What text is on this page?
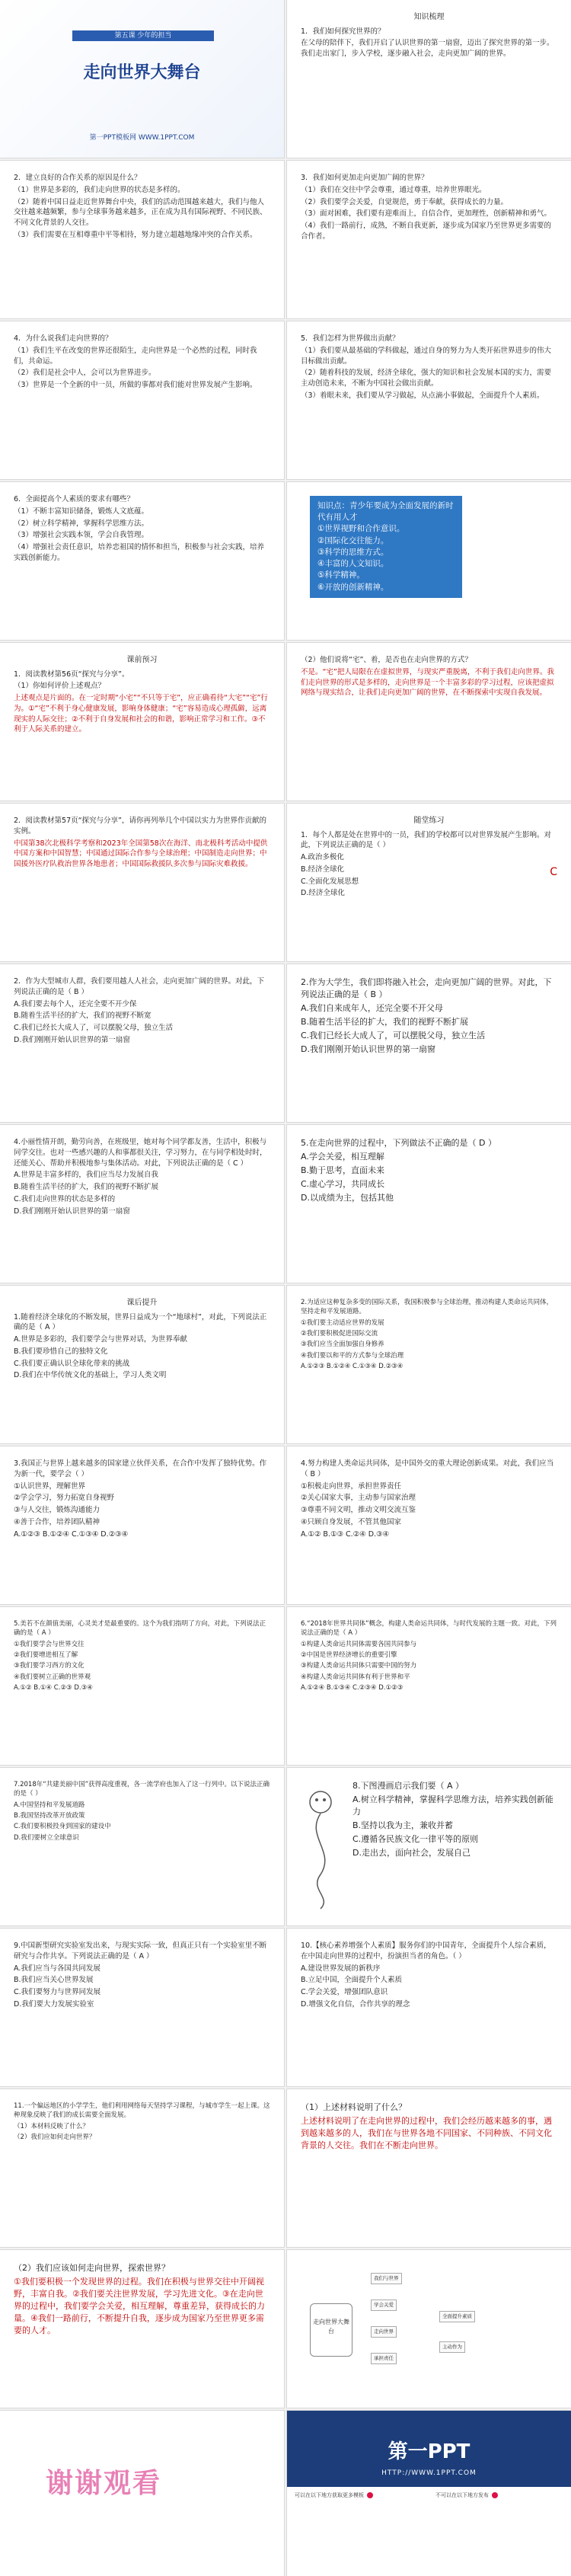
第五课 少年的担当
走向世界大舞台
第一PPT模板网 WWW.1PPT.COM
知识梳理

1．我们如何探究世界的？

在父母的陪伴下，我们开启了认识世界的第一扇窗，迈出了探究世界的第一步。我们走出家门，步入学校，逐步融入社会，走向更加广阔的世界。

2．建立良好的合作关系的原因是什么？

（1）世界是多彩的，我们走向世界的状态是多样的。

（2）随着中国日益走近世界舞台中央，我们的活动范围越来越大，我们与他人交往越来越频繁，参与全球事务越来越多，正在成为具有国际视野、不同民族、不同文化背景的人交往。

（3）我们需要在互相尊重中平等相待，努力建立超越地缘冲突的合作关系。

3．我们如何更加走向更加广阔的世界？

（1）我们在交往中学会尊重，通过尊重，培养世界眼光。

（2）我们要学会关爱，自觉规范，勇于奉献，获得成长的力量。

（3）面对困难，我们要有迎难而上，自信合作，更加理性，创新精神和勇气。

（4）我们一路前行，成熟，不断自我更新，逐步成为国家乃至世界更多需要的合作者。

4．为什么说我们走向世界的？

（1）我们生平在改变的世界还很陌生，走向世界是一个必然的过程，同时我们，共命运。

（2）我们是社会中人，会可以为世界进步。

（3）世界是一个全新的中一员，所做的事都对我们能对世界发展产生影响。

5．我们怎样为世界做出贡献？

（1）我们要从最基础的学科做起，通过自身的努力为人类开拓世界进步的伟大目标做出贡献。

（2）随着科技的发展，经济全球化，强大的知识和社会发展本国的实力，需要主动创造未来，不断为中国社会做出贡献。

（3）着眼未来，我们要从学习做起，从点滴小事做起，全面提升个人素质。

6．全面提高个人素质的要求有哪些？

（1）不断丰富知识储备，锻炼人文底蕴。

（2）树立科学精神，掌握科学思维方法。

（3）增强社会实践本领，学会自我管理。

（4）增强社会责任意识，培养恋祖国的情怀和担当，积极参与社会实践，培养实践创新能力。

知识点：青少年要成为全面发展的新时代有用人才
①世界视野和合作意识。
②国际化交往能力。
③科学的思维方式。
④丰富的人文知识。
⑤科学精神。
⑥开放的创新精神。
课前预习

1．阅读教材第56页“探究与分享”。

（1）你如何评价上述观点？

上述观点是片面的。在一定时期“小宅”“不只等于宅”，应正确看待“大宅”“宅”行为。①“宅”不利于身心健康发展，影响身体健康；“宅”容易造成心理孤僻，远离现实的人际交往；②不利于自身发展和社会的和谐，影响正常学习和工作。③不利于人际关系的建立。

（2）他们说将“宅”、着，是否也在走向世界的方式？

不是。“宅”把人局限在在虚拟世界，与现实严重脱离，不利于我们走向世界。我们走向世界的形式是多样的，走向世界是一个丰富多彩的学习过程，应该把虚拟网络与现实结合，让我们走向更加广阔的世界，在不断探索中实现自我发展。

2．阅读教材第57页“探究与分享”，请你再列举几个中国以实力为世界作贡献的实例。

中国第38次北极科学考察和2023年全国第58次在海洋、南北极科考活动中提供中国方案和中国智慧；中国通过国际合作参与全球治理；中国制造走向世界；中国援外医疗队救治世界各地患者；中国国际救援队多次参与国际灾难救援。

随堂练习

1．每个人都是处在世界中的一员，我们的学校都可以对世界发展产生影响。对此，下列说法正确的是（ ）

C

A.政治多极化

B.经济全球化

C.全面化发展思想

D.经济全球化

2．作为大型城市人群，我们要用越人人社会，走向更加广阔的世界。对此，下列说法正确的是（ B ）

A.我们要去每个人，还完全要不开少保

B.随着生活半径的扩大，我们的视野不断宽

C.我们已经长大成人了，可以摆脱父母，独立生活

D.我们刚刚开始认识世界的第一扇窗

2.作为大学生，我们即将融入社会，走向更加广阔的世界。对此，下列说法正确的是（ B ）

A.我们自来成年人，还完全要不开父母

B.随着生活半径的扩大，我们的视野不断扩展

C.我们已经长大成人了，可以摆脱父母，独立生活

D.我们刚刚开始认识世界的第一扇窗

4.小丽性情开朗，勤劳向善，在班级里，她对每个同学都友善，生活中，积极与同学交往。也对一些感兴趣的人和事都很关注，学习努力，在与同学相处时时，还能关心、帮助并积极地参与集体活动。对此，下列说法正确的是（ C ）

A.世界是丰富多样的，我们应当尽力发展自我

B.随着生活半径的扩大，我们的视野不断扩展

C.我们走向世界的状态是多样的

D.我们刚刚开始认识世界的第一扇窗

5.在走向世界的过程中，下列做法不正确的是（ D ）

A.学会关爱，相互理解

B.勤于思考，直面未来

C.虚心学习，共同成长

D.以成绩为主，包括其他

课后提升

1.随着经济全球化的不断发展，世界日益成为一个“地球村”，对此，下列说法正确的是（ A ）

A.世界是多彩的，我们要学会与世界对话，为世界奉献

B.我们要珍惜自己的独特文化

C.我们要正确认识全球化带来的挑战

D.我们在中华传统文化的基础上，学习人类文明

2.为适应这种复杂多变的国际关系，我国积极参与全球治理，推动构建人类命运共同体，坚持走和平发展道路。

①我们要主动适应世界的发展

②我们要积极促进国际交流

③我们应当全面加强自身修养

④我们要以和平的方式参与全球治理

A.①②③ B.①②④ C.①③④ D.②③④

3.我国正与世界上越来越多的国家建立伙伴关系，在合作中发挥了独特优势。作为新一代，要学会（ ）

①认识世界，理解世界

②学会学习，努力拓宽自身视野

③与人交往，锻炼沟通能力

④善于合作，培养团队精神

A.①②③ B.①②④ C.①③④ D.②③④

4.努力构建人类命运共同体，是中国外交的重大理论创新成果。对此，我们应当（ B ）

①积极走向世界，承担世界责任

②关心国家大事，主动参与国家治理

③尊重不同文明，推动文明交流互鉴

④只顾自身发展，不管其他国家

A.①② B.①③ C.②④ D.③④

5.美若不在颜值美丽，心灵美才是最重要的。这个为我们指明了方向，对此，下列说法正确的是（ A ）

①我们要学会与世界交往

②我们要增进相互了解

③我们要学习西方的文化

④我们要树立正确的世界观

A.①② B.①④ C.②③ D.③④

6.“2018年世界共同体”概念，构建人类命运共同体，与时代发展的主题一致。对此，下列说法正确的是（ A ）

①构建人类命运共同体需要各国共同参与

②中国是世界经济增长的重要引擎

③构建人类命运共同体只需要中国的努力

④构建人类命运共同体有利于世界和平

A.①②④ B.①③④ C.②③④ D.①②③

7.2018年“共建美丽中国”获得高度重视，各一流学府也加入了这一行列中。以下说法正确的是（ ）

A.中国坚持和平发展道路

B.我国坚持改革开放政策

C.我们要积极投身到国家的建设中

D.我们要树立全球意识

8.下图漫画启示我们要（ A ）

A.树立科学精神，掌握科学思维方法，培养实践创新能力

B.坚持以我为主，兼收并蓄

C.遵循各民族文化一律平等的原则

D.走出去，面向社会，发展自己

9.中国新型研究实验室发出来，与现实实际一致，但真正只有一个实验室里不断研究与合作共享。下列说法正确的是（ A ）

A.我们应当与各国共同发展

B.我们应当关心世界发展

C.我们要努力与世界同发展

D.我们要大力发展实验室

10.【核心素养增强个人素质】服务你们的中国青年，全面提升个人综合素质，在中国走向世界的过程中，扮演担当者的角色。（ ）

A.建设世界发展的新秩序

B.立足中国，全面提升个人素质

C.学会关爱，增强团队意识

D.增强文化自信，合作共享的理念

11.一个偏远地区的小学学生，他们利用网络每天坚持学习课程，与城市学生一起上课。这种现象反映了我们的成长需要全面发展。

（1）本材料反映了什么？

（2）我们应如何走向世界？

（1）上述材料说明了什么？

上述材料说明了在走向世界的过程中，我们会经历越来越多的事，遇到越来越多的人，我们在与世界各地不同国家、不同种族、不同文化背景的人交往。我们在不断走向世界。

（2）我们应该如何走向世界，探索世界？

①我们要积极一个发现世界的过程。我们在积极与世界交往中开阔视野，丰富自我。②我们要关注世界发展，学习先进文化。③在走向世界的过程中，我们要学会关爱，相互理解，尊重差异，获得成长的力量。④我们一路前行，不断提升自我，逐步成为国家乃至世界更多需要的人才。

走向世界大舞台
我们与世界
学会关爱
走向世界
承担责任
全面提升素质
主动作为
谢谢观看
第一PPT
HTTP://WWW.1PPT.COM
可以在以下地方获取更多模板	不可以在以下地方发布
